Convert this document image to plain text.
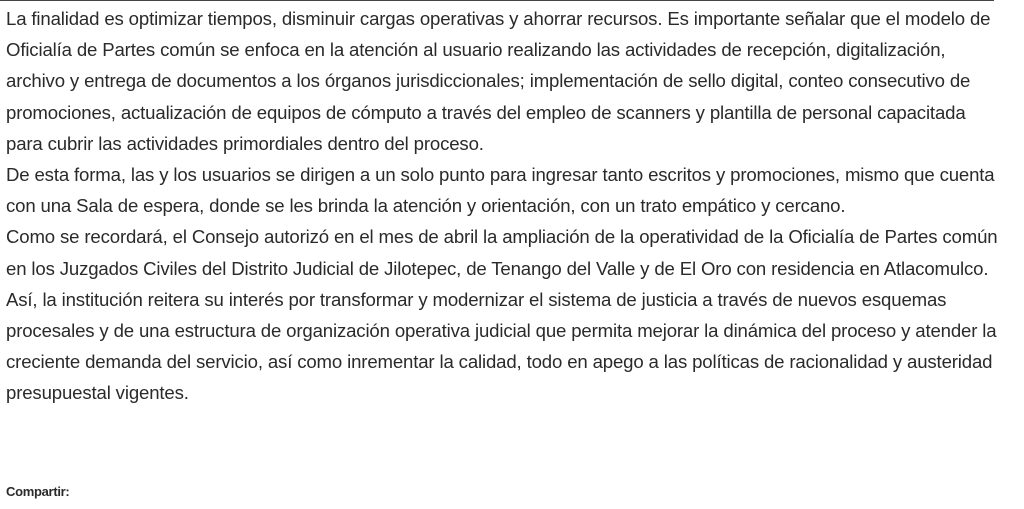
La finalidad es optimizar tiempos, disminuir cargas operativas y ahorrar recursos. Es importante señalar que el modelo de Oficialía de Partes común se enfoca en la atención al usuario realizando las actividades de recepción, digitalización, archivo y entrega de documentos a los órganos jurisdiccionales; implementación de sello digital, conteo consecutivo de promociones, actualización de equipos de cómputo a través del empleo de scanners y plantilla de personal capacitada para cubrir las actividades primordiales dentro del proceso.

De esta forma, las y los usuarios se dirigen a un solo punto para ingresar tanto escritos y promociones, mismo que cuenta con una Sala de espera, donde se les brinda la atención y orientación, con un trato empático y cercano.

Como se recordará, el Consejo autorizó en el mes de abril la ampliación de la operatividad de la Oficialía de Partes común en los Juzgados Civiles del Distrito Judicial de Jilotepec, de Tenango del Valle y de El Oro con residencia en Atlacomulco.

Así, la institución reitera su interés por transformar y modernizar el sistema de justicia a través de nuevos esquemas procesales y de una estructura de organización operativa judicial que permita mejorar la dinámica del proceso y atender la creciente demanda del servicio, así como inrementar la calidad, todo en apego a las políticas de racionalidad y austeridad presupuestal vigentes.

Compartir:
